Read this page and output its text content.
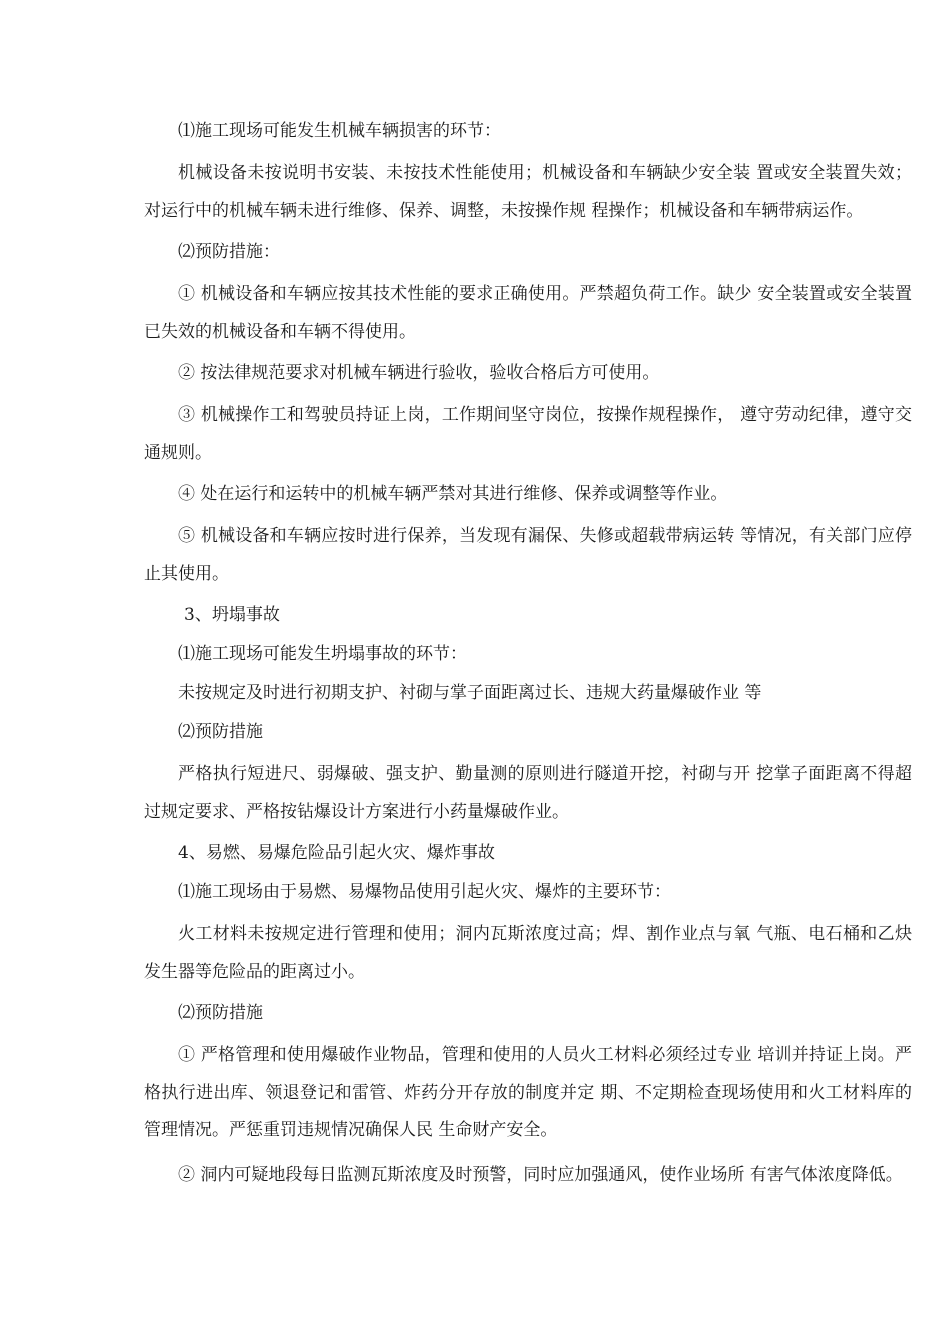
⑴施工现场可能发生机械车辆损害的环节：

机械设备未按说明书安装、未按技术性能使用；机械设备和车辆缺少安全装 置或安全装置失效；对运行中的机械车辆未进行维修、保养、调整，未按操作规 程操作；机械设备和车辆带病运作。

⑵预防措施：

① 机械设备和车辆应按其技术性能的要求正确使用。严禁超负荷工作。缺少 安全装置或安全装置已失效的机械设备和车辆不得使用。

② 按法律规范要求对机械车辆进行验收，验收合格后方可使用。

③ 机械操作工和驾驶员持证上岗，工作期间坚守岗位，按操作规程操作， 遵守劳动纪律，遵守交通规则。

④ 处在运行和运转中的机械车辆严禁对其进行维修、保养或调整等作业。

⑤ 机械设备和车辆应按时进行保养，当发现有漏保、失修或超载带病运转 等情况，有关部门应停止其使用。

3、坍塌事故

⑴施工现场可能发生坍塌事故的环节：

未按规定及时进行初期支护、衬砌与掌子面距离过长、违规大药量爆破作业 等

⑵预防措施

严格执行短进尺、弱爆破、强支护、勤量测的原则进行隧道开挖，衬砌与开 挖掌子面距离不得超过规定要求、严格按钻爆设计方案进行小药量爆破作业。

4、易燃、易爆危险品引起火灾、爆炸事故

⑴施工现场由于易燃、易爆物品使用引起火灾、爆炸的主要环节：

火工材料未按规定进行管理和使用；洞内瓦斯浓度过高；焊、割作业点与氧 气瓶、电石桶和乙炔发生器等危险品的距离过小。

⑵预防措施

① 严格管理和使用爆破作业物品，管理和使用的人员火工材料必须经过专业 培训并持证上岗。严格执行进出库、领退登记和雷管、炸药分开存放的制度并定 期、不定期检查现场使用和火工材料库的管理情况。严惩重罚违规情况确保人民 生命财产安全。

② 洞内可疑地段每日监测瓦斯浓度及时预警，同时应加强通风，使作业场所 有害气体浓度降低。
